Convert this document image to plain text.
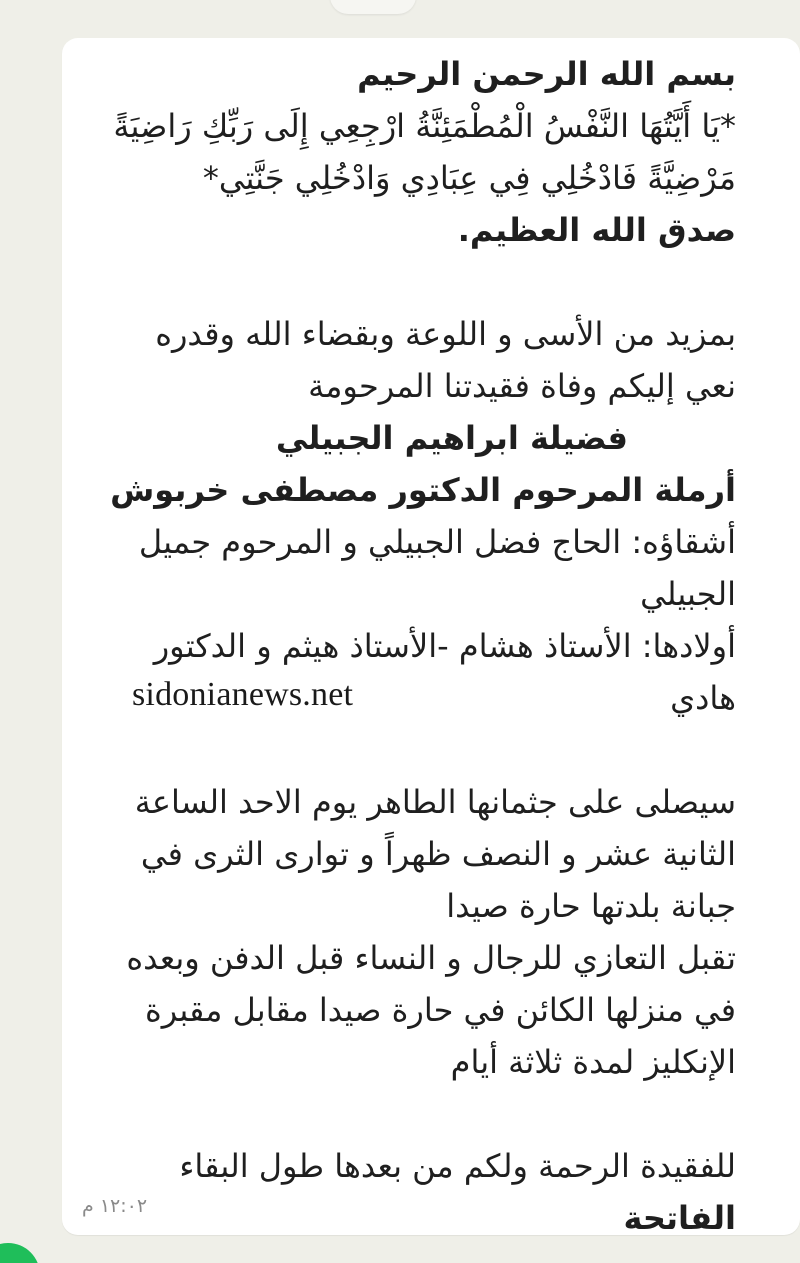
بسم الله الرحمن الرحيم
*يَا أَيَّتُهَا النَّفْسُ الْمُطْمَئِنَّةُ ارْجِعِي إِلَى رَبِّكِ رَاضِيَةً
مَرْضِيَّةً فَادْخُلِي فِي عِبَادِي وَادْخُلِي جَنَّتِي*
صدق الله العظيم.
بمزيد من الأسى و اللوعة وبقضاء الله وقدره
نعي إليكم وفاة فقيدتنا المرحومة
فضيلة ابراهيم الجبيلي
أرملة المرحوم الدكتور مصطفى خربوش
أشقاؤه: الحاج فضل الجبيلي و المرحوم جميل الجبيلي
أولادها: الأستاذ هشام -الأستاذ هيثم و الدكتور هادي
سيصلى على جثمانها الطاهر يوم الاحد الساعة
الثانية عشر و النصف ظهراً و توارى الثرى في
جبانة بلدتها حارة صيدا
تقبل التعازي للرجال و النساء قبل الدفن وبعده
في منزلها الكائن في حارة صيدا مقابل مقبرة
الإنكليز لمدة ثلاثة أيام
للفقيدة الرحمة ولكم من بعدها طول البقاء
الفاتحة
sidonianews.net
١٢:٠٢ م
